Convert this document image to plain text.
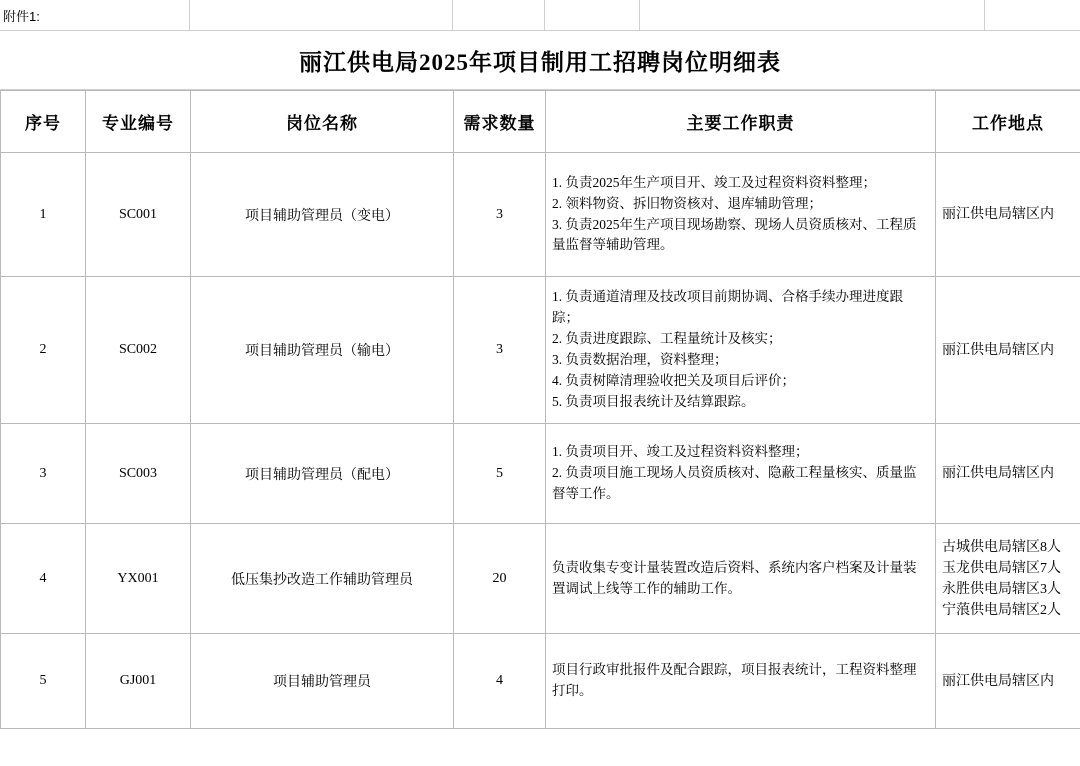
附件1:
丽江供电局2025年项目制用工招聘岗位明细表
序号	专业编号	岗位名称	需求数量	主要工作职责	工作地点
1	SC001	项目辅助管理员（变电）	3	1. 负责2025年生产项目开、竣工及过程资料资料整理；
2. 领料物资、拆旧物资核对、退库辅助管理；
3. 负责2025年生产项目现场勘察、现场人员资质核对、工程质量监督等辅助管理。	丽江供电局辖区内

2	SC002	项目辅助管理员（输电）	3	1. 负责通道清理及技改项目前期协调、合格手续办理进度跟踪；
2. 负责进度跟踪、工程量统计及核实；
3. 负责数据治理，资料整理；
4. 负责树障清理验收把关及项目后评价；
5. 负责项目报表统计及结算跟踪。	丽江供电局辖区内

3	SC003	项目辅助管理员（配电）	5	1. 负责项目开、竣工及过程资料资料整理；
2. 负责项目施工现场人员资质核对、隐蔽工程量核实、质量监督等工作。	丽江供电局辖区内

4	YX001	低压集抄改造工作辅助管理员	20	负责收集专变计量装置改造后资料、系统内客户档案及计量装置调试上线等工作的辅助工作。	古城供电局辖区8人
玉龙供电局辖区7人
永胜供电局辖区3人
宁蒗供电局辖区2人

5	GJ001	项目辅助管理员	4	项目行政审批报件及配合跟踪，项目报表统计，工程资料整理打印。	丽江供电局辖区内
